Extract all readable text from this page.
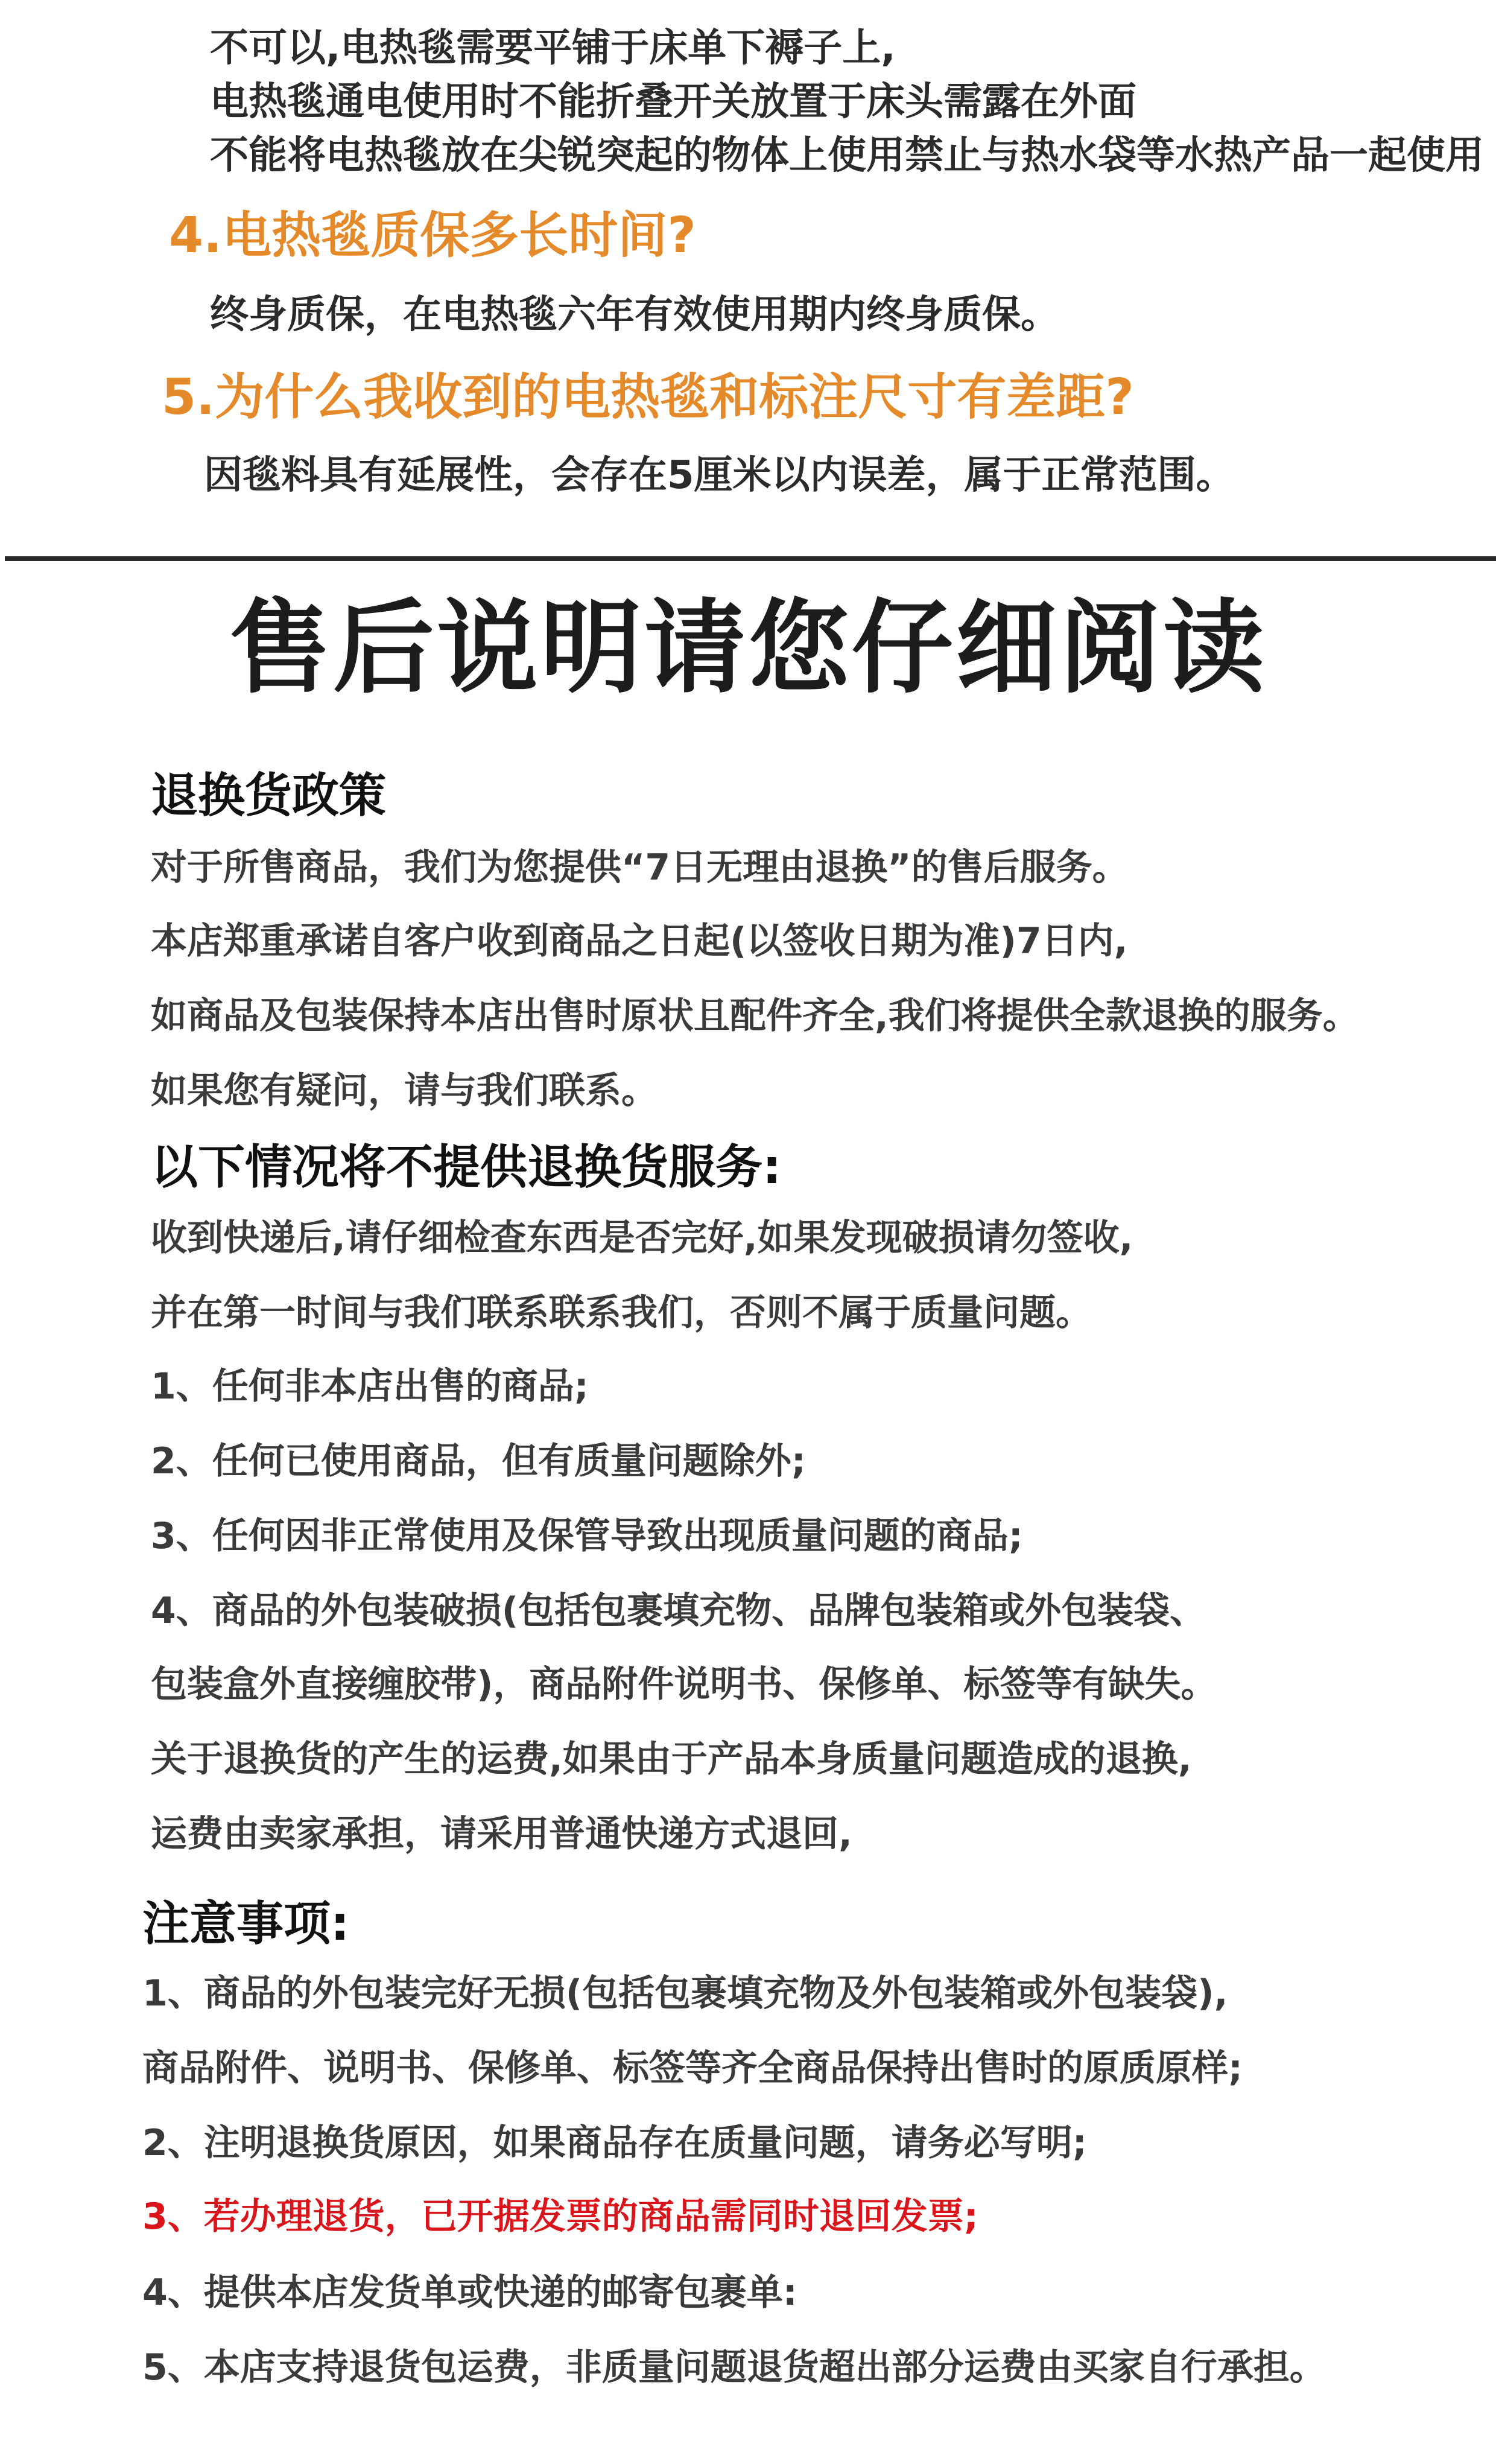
不可以,电热毯需要平铺于床单下褥子上,

电热毯通电使用时不能折叠开关放置于床头需露在外面

不能将电热毯放在尖锐突起的物体上使用禁止与热水袋等水热产品一起使用

4.电热毯质保多长时间?

终身质保，在电热毯六年有效使用期内终身质保。

5.为什么我收到的电热毯和标注尺寸有差距?

因毯料具有延展性，会存在5厘米以内误差，属于正常范围。

售后说明请您仔细阅读

退换货政策

对于所售商品，我们为您提供“7日无理由退换”的售后服务。

本店郑重承诺自客户收到商品之日起(以签收日期为准)7日内,

如商品及包装保持本店出售时原状且配件齐全,我们将提供全款退换的服务。

如果您有疑问，请与我们联系。

以下情况将不提供退换货服务:

收到快递后,请仔细检查东西是否完好,如果发现破损请勿签收,

并在第一时间与我们联系联系我们，否则不属于质量问题。

1、任何非本店出售的商品;

2、任何已使用商品，但有质量问题除外;

3、任何因非正常使用及保管导致出现质量问题的商品;

4、商品的外包装破损(包括包裹填充物、品牌包装箱或外包装袋、

包装盒外直接缠胶带)，商品附件说明书、保修单、标签等有缺失。

关于退换货的产生的运费,如果由于产品本身质量问题造成的退换,

运费由卖家承担，请采用普通快递方式退回,

注意事项:

1、商品的外包装完好无损(包括包裹填充物及外包装箱或外包装袋),

商品附件、说明书、保修单、标签等齐全商品保持出售时的原质原样;

2、注明退换货原因，如果商品存在质量问题，请务必写明;

3、若办理退货，已开据发票的商品需同时退回发票;

4、提供本店发货单或快递的邮寄包裹单:

5、本店支持退货包运费，非质量问题退货超出部分运费由买家自行承担。
